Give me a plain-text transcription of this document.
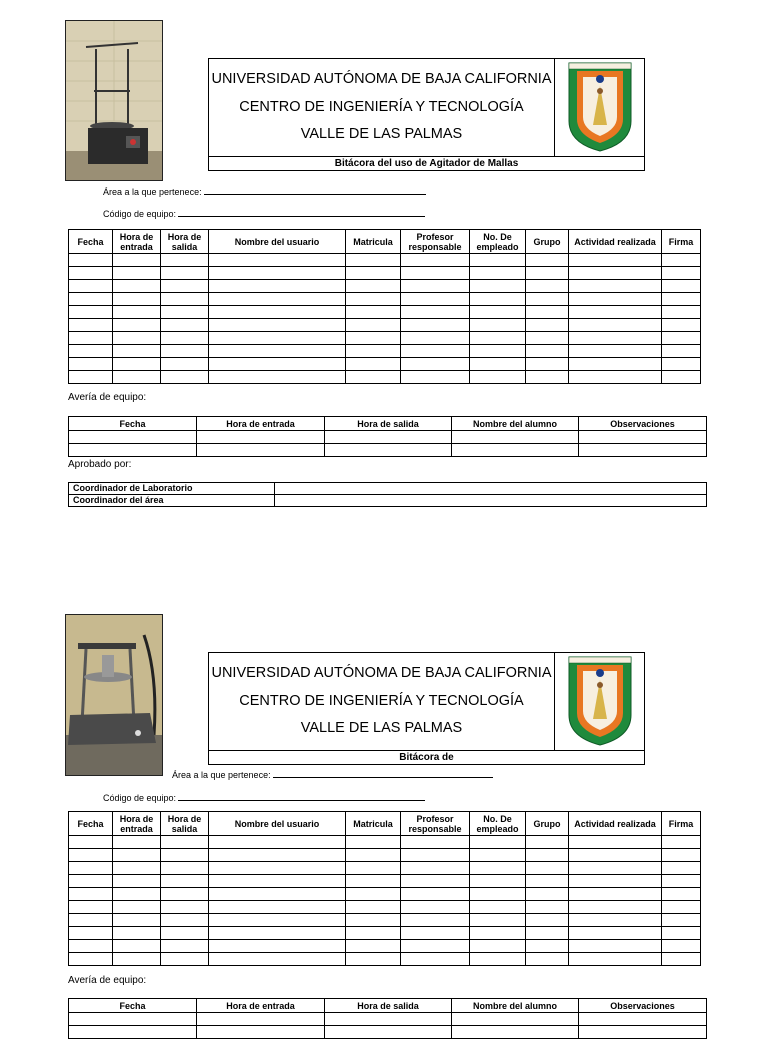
UNIVERSIDAD AUTÓNOMA DE BAJA CALIFORNIA
CENTRO DE INGENIERÍA Y TECNOLOGÍA
VALLE DE LAS PALMAS
Bitácora del uso de Agitador de Mallas
Área a la que pertenece:
Código de equipo:
Fecha	Hora de entrada	Hora de salida	Nombre del usuario	Matricula	Profesor responsable	No. De empleado	Grupo	Actividad realizada	Firma

Avería de equipo:
Fecha	Hora de entrada	Hora de salida	Nombre del alumno	Observaciones

Aprobado por:
Coordinador de Laboratorio	
Coordinador del área	
UNIVERSIDAD AUTÓNOMA DE BAJA CALIFORNIA
CENTRO DE INGENIERÍA Y TECNOLOGÍA
VALLE DE LAS PALMAS
Bitácora de
Área a la que pertenece:
Código de equipo:
Fecha	Hora de entrada	Hora de salida	Nombre del usuario	Matricula	Profesor responsable	No. De empleado	Grupo	Actividad realizada	Firma

Avería de equipo:
Fecha	Hora de entrada	Hora de salida	Nombre del alumno	Observaciones
